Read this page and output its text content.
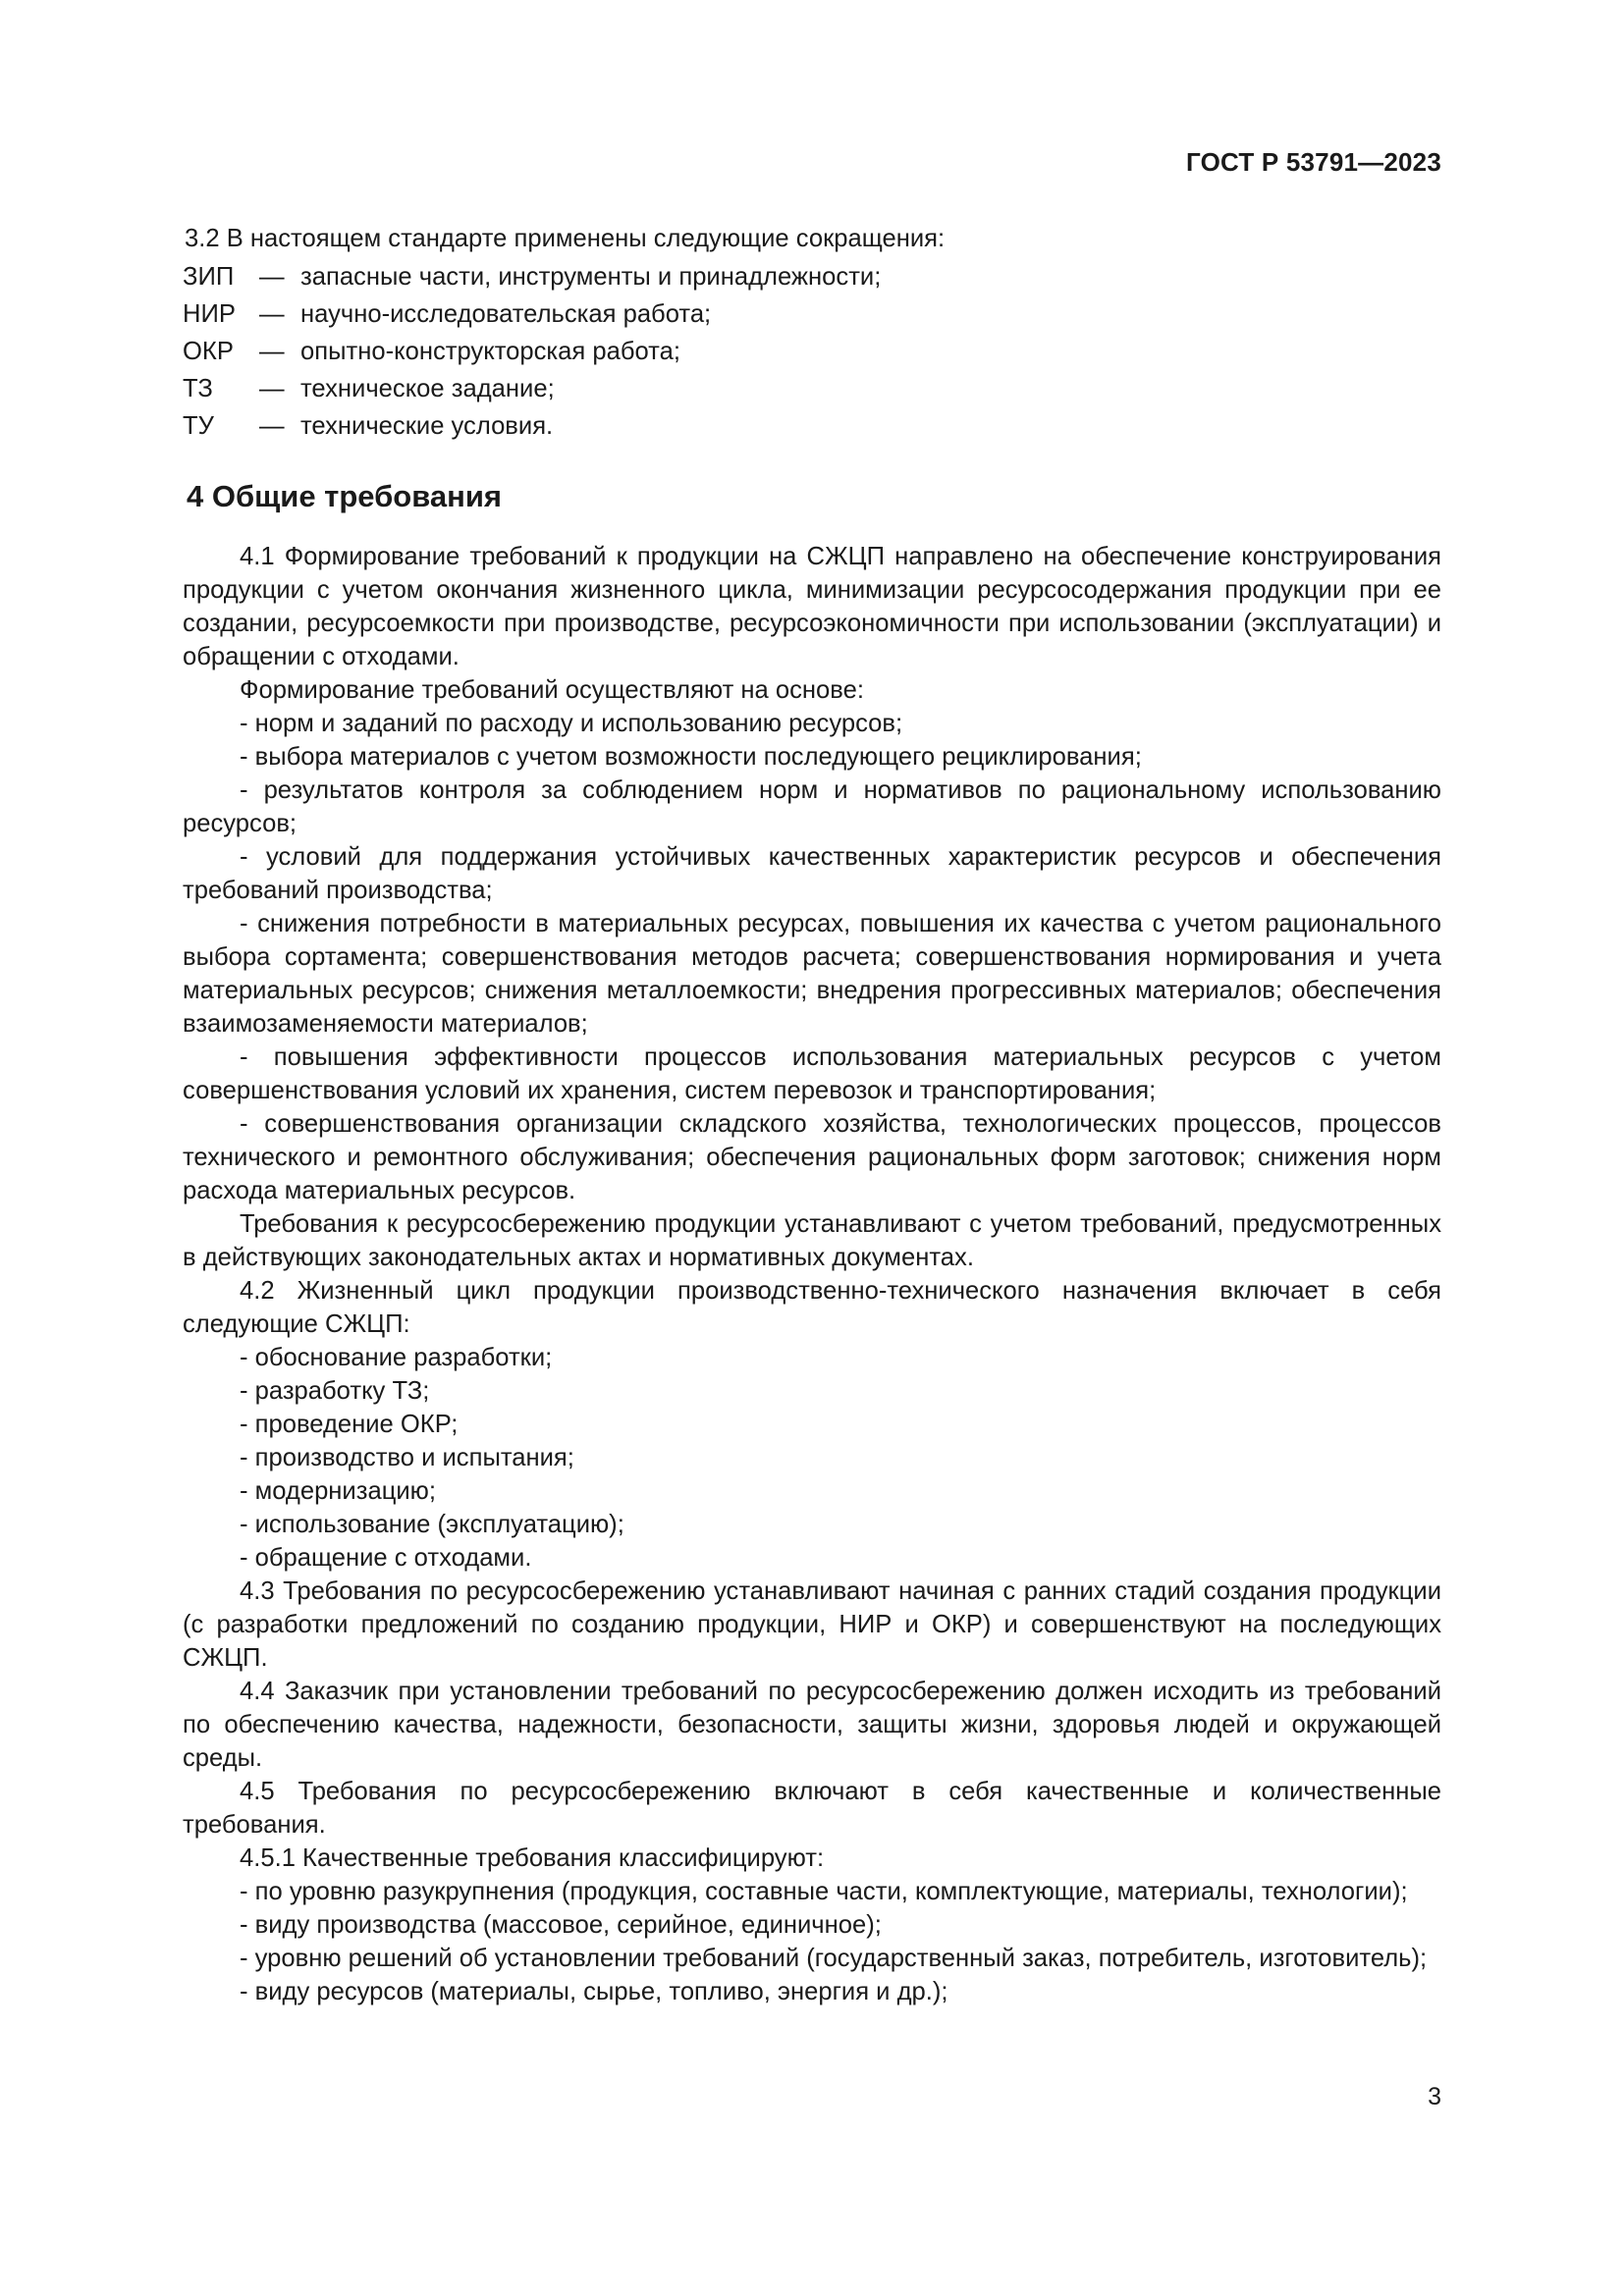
ГОСТ Р 53791—2023

3.2 В настоящем стандарте применены следующие сокращения:

ЗИП	— запасные части, инструменты и принадлежности;
НИР — научно-исследовательская работа;
ОКР	— опытно-конструкторская работа;
ТЗ	— техническое задание;
ТУ	— технические условия.
4 Общие требования

4.1 Формирование требований к продукции на СЖЦП направлено на обеспечение конструирования продукции с учетом окончания жизненного цикла, минимизации ресурсосодержания продукции при ее создании, ресурсоемкости при производстве, ресурсоэкономичности при использовании (эксплуатации) и обращении с отходами.

Формирование требований осуществляют на основе:

- норм и заданий по расходу и использованию ресурсов;

- выбора материалов с учетом возможности последующего рециклирования;

- результатов контроля за соблюдением норм и нормативов по рациональному использованию ресурсов;

- условий для поддержания устойчивых качественных характеристик ресурсов и обеспечения требований производства;

- снижения потребности в материальных ресурсах, повышения их качества с учетом рационального выбора сортамента; совершенствования методов расчета; совершенствования нормирования и учета материальных ресурсов; снижения металлоемкости; внедрения прогрессивных материалов; обеспечения взаимозаменяемости материалов;

- повышения эффективности процессов использования материальных ресурсов с учетом совершенствования условий их хранения, систем перевозок и транспортирования;

- совершенствования организации складского хозяйства, технологических процессов, процессов технического и ремонтного обслуживания; обеспечения рациональных форм заготовок; снижения норм расхода материальных ресурсов.

Требования к ресурсосбережению продукции устанавливают с учетом требований, предусмотренных в действующих законодательных актах и нормативных документах.

4.2 Жизненный цикл продукции производственно-технического назначения включает в себя следующие СЖЦП:

- обоснование разработки;

- разработку ТЗ;

- проведение ОКР;

- производство и испытания;

- модернизацию;

- использование (эксплуатацию);

- обращение с отходами.

4.3 Требования по ресурсосбережению устанавливают начиная с ранних стадий создания продукции (с разработки предложений по созданию продукции, НИР и ОКР) и совершенствуют на последующих СЖЦП.

4.4 Заказчик при установлении требований по ресурсосбережению должен исходить из требований по обеспечению качества, надежности, безопасности, защиты жизни, здоровья людей и окружающей среды.

4.5 Требования по ресурсосбережению включают в себя качественные и количественные требования.

4.5.1 Качественные требования классифицируют:

- по уровню разукрупнения (продукция, составные части, комплектующие, материалы, технологии);

- виду производства (массовое, серийное, единичное);

- уровню решений об установлении требований (государственный заказ, потребитель, изготовитель);

- виду ресурсов (материалы, сырье, топливо, энергия и др.);

3
